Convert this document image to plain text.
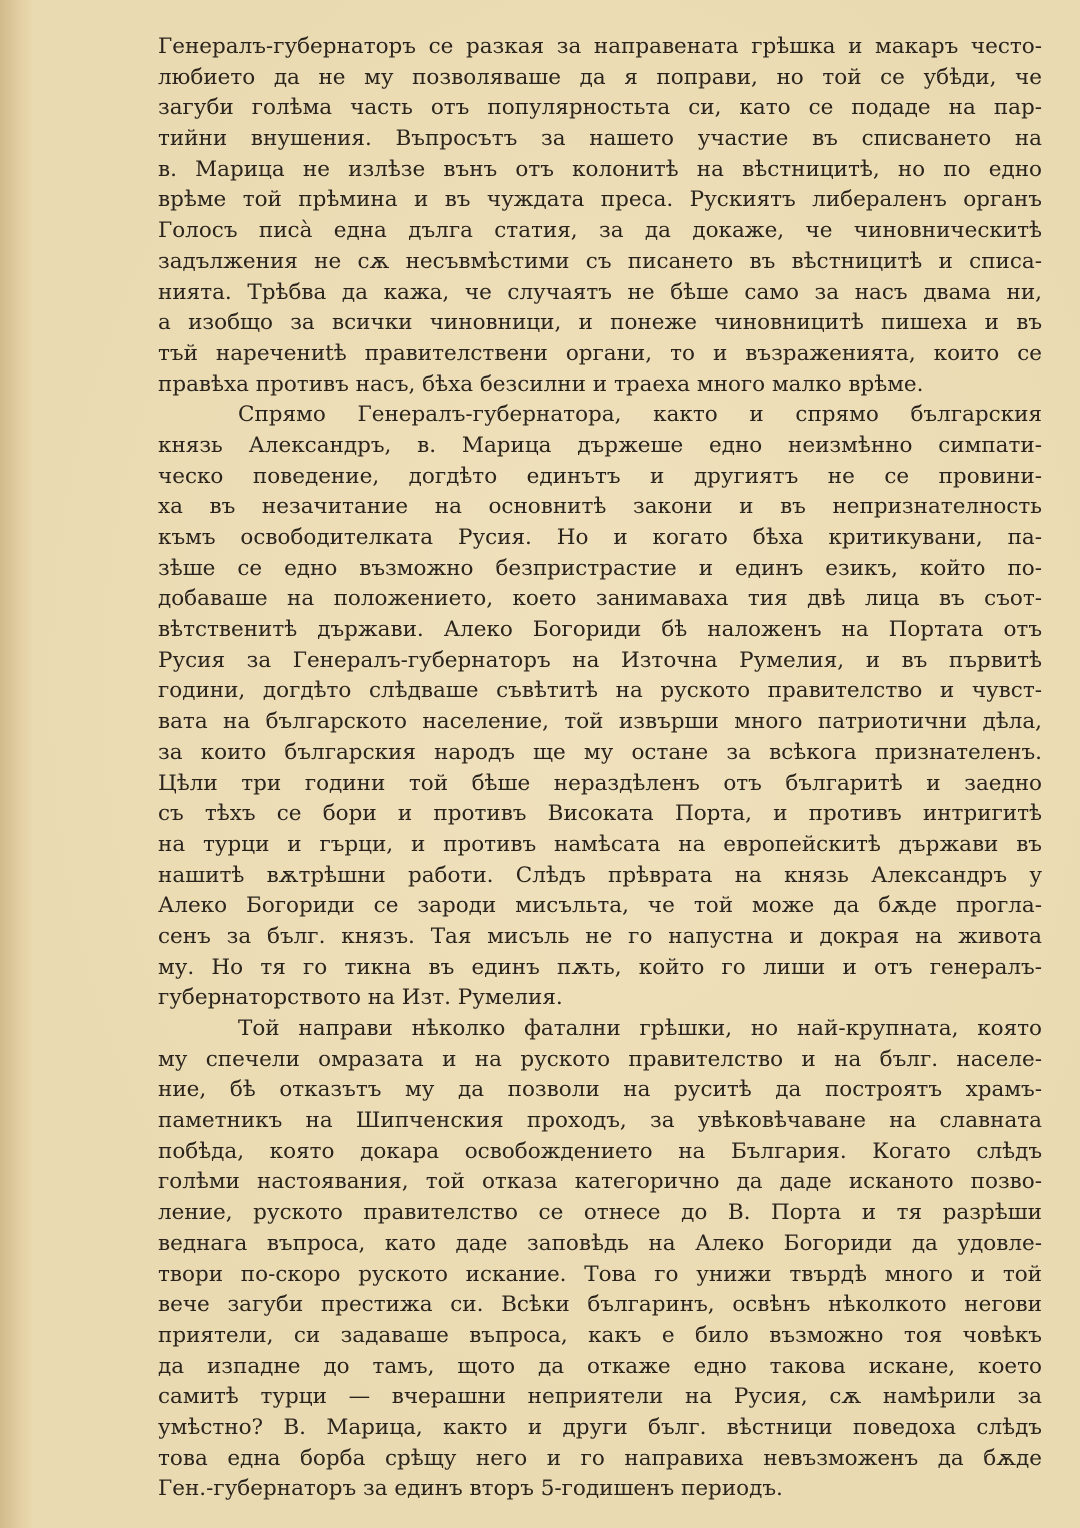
Генералъ-губернаторъ се разкая за направената грѣшка и макаръ често-
любието да не му позволяваше да я поправи, но той се убѣди, че
загуби голѣма часть отъ популярностьта си, като се подаде на пар-
тийни внушения. Въпросътъ за нашето участие въ списването на
в. Марица не излѣзе вънъ отъ колонитѣ на вѣстницитѣ, но по едно
врѣме той прѣмина и въ чуждата преса. Рускиятъ либераленъ органъ
Голосъ писà една дълга статия, за да докаже, че чиновническитѣ
задължения не сѫ несъвмѣстими съ писането въ вѣстницитѣ и списа-
нията. Трѣбва да кажа, че случаятъ не бѣше само за насъ двама ни,
а изобщо за всички чиновници, и понеже чиновницитѣ пишеха и въ
тъй наречениtѣ правителствени органи, то и възраженията, които се
правѣха противъ насъ, бѣха безсилни и траеха много малко врѣме.
Спрямо Генералъ-губернатора, както и спрямо българския
князь Александръ, в. Марица държеше едно неизмѣнно симпати-
ческо поведение, догдѣто единътъ и другиятъ не се провини-
ха въ незачитание на основнитѣ закони и въ непризнателность
къмъ освободителката Русия. Но и когато бѣха критикувани, па-
зѣше се едно възможно безпристрастие и единъ езикъ, който по-
добаваше на положението, което занимаваха тия двѣ лица въ съот-
вѣтственитѣ държави. Алеко Богориди бѣ наложенъ на Портата отъ
Русия за Генералъ-губернаторъ на Източна Румелия, и въ първитѣ
години, догдѣто слѣдваше съвѣтитѣ на руското правителство и чувст-
вата на българското население, той извърши много патриотични дѣла,
за които българския народъ ще му остане за всѣкога признателенъ.
Цѣли три години той бѣше нераздѣленъ отъ българитѣ и заедно
съ тѣхъ се бори и противъ Високата Порта, и противъ интригитѣ
на турци и гърци, и противъ намѣсата на европейскитѣ държави въ
нашитѣ вѫтрѣшни работи. Слѣдъ прѣврата на князь Александръ у
Алеко Богориди се зароди мисъльта, че той може да бѫде прогла-
сенъ за бълг. князъ. Тая мисъль не го напустна и докрая на живота
му. Но тя го тикна въ единъ пѫть, който го лиши и отъ генералъ-
губернаторството на Изт. Румелия.
Той направи нѣколко фатални грѣшки, но най-крупната, която
му спечели омразата и на руското правителство и на бълг. населе-
ние, бѣ отказътъ му да позволи на руситѣ да построятъ храмъ-
паметникъ на Шипченския проходъ, за увѣковѣчаване на славната
побѣда, която докара освобождението на България. Когато слѣдъ
голѣми настоявания, той отказа категорично да даде исканото позво-
ление, руското правителство се отнесе до В. Порта и тя разрѣши
веднага въпроса, като даде заповѣдь на Алеко Богориди да удовле-
твори по-скоро руското искание. Това го унижи твърдѣ много и той
вече загуби престижа си. Всѣки българинъ, освѣнъ нѣколкото негови
приятели, си задаваше въпроса, какъ е било възможно тоя човѣкъ
да изпадне до тамъ, щото да откаже едно такова искане, което
самитѣ турци — вчерашни неприятели на Русия, сѫ намѣрили за
умѣстно? В. Марица, както и други бълг. вѣстници поведоха слѣдъ
това една борба срѣщу него и го направиха невъзможенъ да бѫде
Ген.-губернаторъ за единъ вторъ 5-годишенъ периодъ.
